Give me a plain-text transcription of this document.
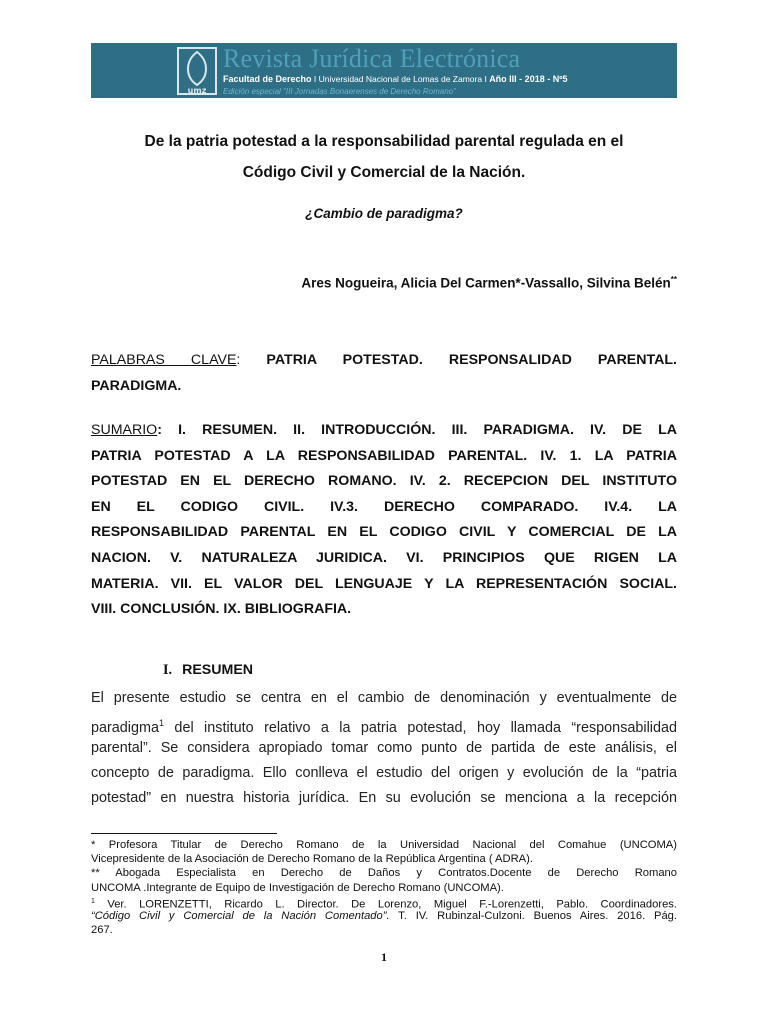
umz
Revista Jurídica Electrónica
Facultad de Derecho I Universidad Nacional de Lomas de Zamora I Año III - 2018 - Nº5
Edición especial "III Jornadas Bonaerenses de Derecho Romano"
De la patria potestad a la responsabilidad parental regulada en el
Código Civil y Comercial de la Nación.
¿Cambio de paradigma?
Ares Nogueira, Alicia Del Carmen*-Vassallo, Silvina Belén**
PALABRAS CLAVE: PATRIA POTESTAD. RESPONSALIDAD PARENTAL.
PARADIGMA.
SUMARIO: I. RESUMEN. II. INTRODUCCIÓN. III. PARADIGMA. IV. DE LA
PATRIA POTESTAD A LA RESPONSABILIDAD PARENTAL. IV. 1. LA PATRIA
POTESTAD EN EL DERECHO ROMANO. IV. 2. RECEPCION DEL INSTITUTO
EN EL CODIGO CIVIL. IV.3. DERECHO COMPARADO. IV.4. LA
RESPONSABILIDAD PARENTAL EN EL CODIGO CIVIL Y COMERCIAL DE LA
NACION. V. NATURALEZA JURIDICA. VI. PRINCIPIOS QUE RIGEN LA
MATERIA. VII. EL VALOR DEL LENGUAJE Y LA REPRESENTACIÓN SOCIAL.
VIII. CONCLUSIÓN. IX. BIBLIOGRAFIA.
I. RESUMEN
El presente estudio se centra en el cambio de denominación y eventualmente de
paradigma$^1$ del instituto relativo a la patria potestad, hoy llamada “responsabilidad
parental”. Se considera apropiado tomar como punto de partida de este análisis, el
concepto de paradigma. Ello conlleva el estudio del origen y evolución de la “patria
potestad” en nuestra historia jurídica. En su evolución se menciona a la recepción
* Profesora Titular de Derecho Romano de la Universidad Nacional del Comahue (UNCOMA)
Vicepresidente de la Asociación de Derecho Romano de la República Argentina ( ADRA).
** Abogada Especialista en Derecho de Daños y Contratos.Docente de Derecho Romano
UNCOMA .Integrante de Equipo de Investigación de Derecho Romano (UNCOMA).
$^1$ Ver. LORENZETTI, Ricardo L. Director. De Lorenzo, Miguel F.-Lorenzetti, Pablo. Coordinadores.
“Código Civil y Comercial de la Nación Comentado”. T. IV. Rubinzal-Culzoni. Buenos Aires. 2016. Pág.
267.
1
